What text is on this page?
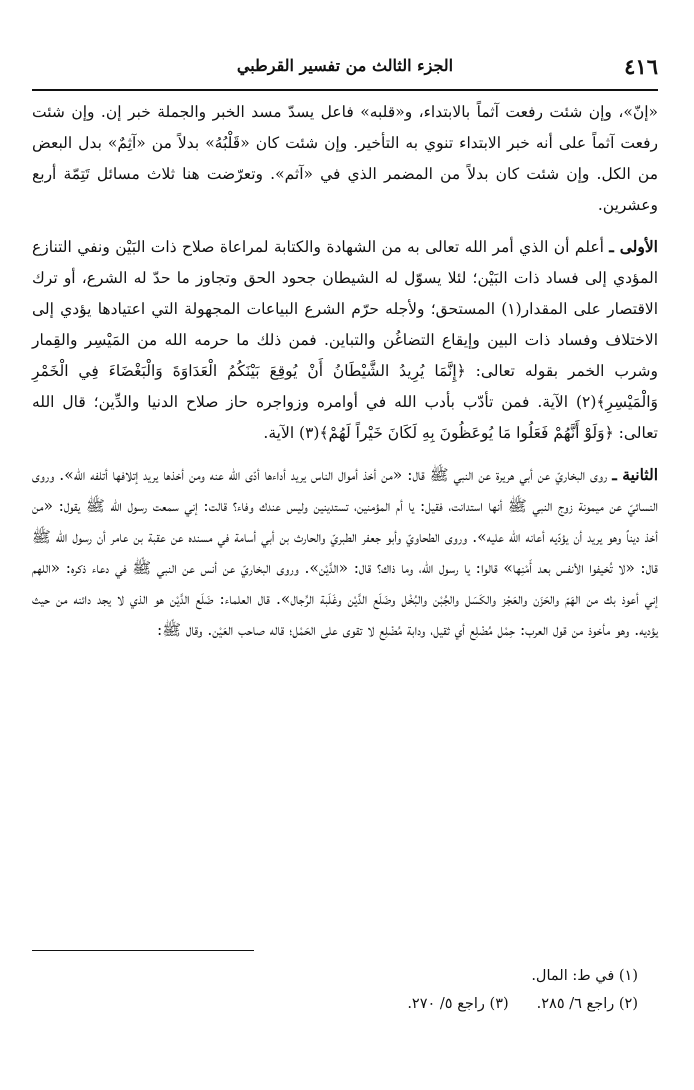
٤١٦
الجزء الثالث من تفسير القرطبي

«إنّ»، وإن شئت رفعت آثماً بالابتداء، و«قلبه» فاعل يسدّ مسد الخبر والجملة خبر إن. وإن شئت رفعت آثماً على أنه خبر الابتداء تنوي به التأخير. وإن شئت كان «قَلْبُهُ» بدلاً من «آثِمٌ» بدل البعض من الكل. وإن شئت كان بدلاً من المضمر الذي في «آثم». وتعرّضت هنا ثلاث مسائل تَتِمّة أربع وعشرين.

الأولى ـ أعلم أن الذي أمر الله تعالى به من الشهادة والكتابة لمراعاة صلاح ذات البَيْن ونفي التنازع المؤدي إلى فساد ذات البَيْن؛ لئلا يسوّل له الشيطان جحود الحق وتجاوز ما حدّ له الشرع، أو ترك الاقتصار على المقدار(١) المستحق؛ ولأجله حرّم الشرع البياعات المجهولة التي اعتيادها يؤدي إلى الاختلاف وفساد ذات البين وإيقاع التضاغُن والتباين. فمن ذلك ما حرمه الله من المَيْسِر والقِمار وشرب الخمر بقوله تعالى: ﴿إِنَّمَا يُرِيدُ الشَّيْطَانُ أَنْ يُوقِعَ بَيْنَكُمُ الْعَدَاوَةَ وَالْبَغْضَاءَ فِي الْخَمْرِ وَالْمَيْسِرِ﴾(٢) الآية. فمن تأدّب بأدب الله في أوامره وزواجره حاز صلاح الدنيا والدِّين؛ قال الله تعالى: ﴿وَلَوْ أَنَّهُمْ فَعَلُوا مَا يُوعَظُونَ بِهِ لَكَانَ خَيْراً لَهُمْ﴾(٣) الآية.

الثانية ـ روى البخاريّ عن أبي هريرة عن النبي ﷺ قال: «من أخذ أموال الناس يريد أداءها أدّى الله عنه ومن أخذها يريد إتلافها أتلفه الله». وروى النسائيّ عن ميمونة زوج النبي ﷺ أنها استدانت، فقيل: يا أم المؤمنين، تستدينين وليس عندك وفاء؟ قالت: إني سمعت رسول الله ﷺ يقول: «من أخذ ديناً وهو يريد أن يؤدّيه أعانه الله عليه». وروى الطحاويّ وأبو جعفر الطبريّ والحارث بن أبي أسامة في مسنده عن عقبة بن عامر أن رسول الله ﷺ قال: «لا تُخيفوا الأنفس بعد أَمْنِها» قالوا: يا رسول الله، وما ذاك؟ قال: «الدَّيْن». وروى البخاريّ عن أنس عن النبي ﷺ في دعاء ذكره: «اللهم إني أعوذ بك من الهَمّ والحَزَن والعَجْز والكَسَل والجُبْن والبُخْل وضَلَع الدَّيْن وغَلَبة الرِّجال». قال العلماء: ضَلَع الدَّيْن هو الذي لا يجد دائنه من حيث يؤديه. وهو مأخوذ من قول العرب: حِمْل مُضْلِع أي ثقيل، ودابة مُضْلِع لا تقوى على الحَمْل؛ قاله صاحب العَيْن. وقال ﷺ:

(١) في ط: المال.
(٢) راجع ٦/ ٢٨٥.(٣) راجع ٥/ ٢٧٠.
